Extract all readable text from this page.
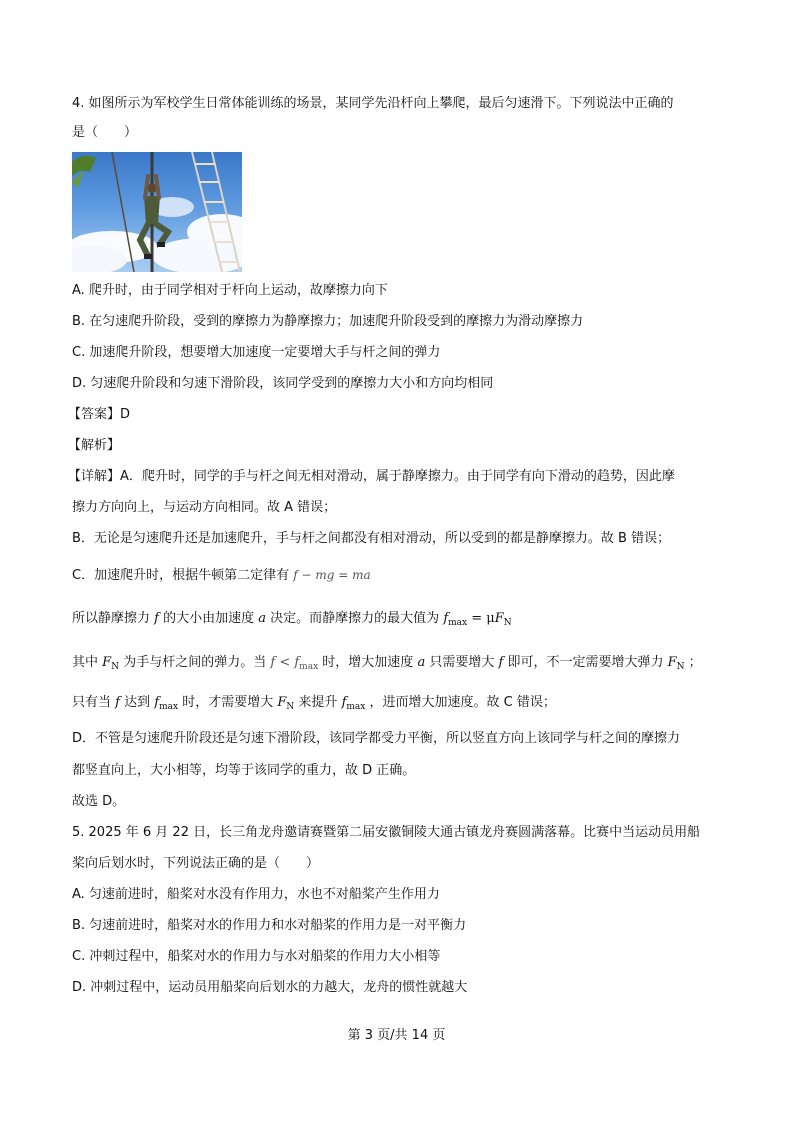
4. 如图所示为军校学生日常体能训练的场景，某同学先沿杆向上攀爬，最后匀速滑下。下列说法中正确的
是（　　）
A. 爬升时，由于同学相对于杆向上运动，故摩擦力向下
B. 在匀速爬升阶段，受到的摩擦力为静摩擦力；加速爬升阶段受到的摩擦力为滑动摩擦力
C. 加速爬升阶段，想要增大加速度一定要增大手与杆之间的弹力
D. 匀速爬升阶段和匀速下滑阶段，该同学受到的摩擦力大小和方向均相同
【答案】D
【解析】
【详解】A．爬升时，同学的手与杆之间无相对滑动，属于静摩擦力。由于同学有向下滑动的趋势，因此摩
擦力方向向上，与运动方向相同。故 A 错误；
B．无论是匀速爬升还是加速爬升，手与杆之间都没有相对滑动，所以受到的都是静摩擦力。故 B 错误；
C．加速爬升时，根据牛顿第二定律有 f − mg = ma
所以静摩擦力 f 的大小由加速度 a 决定。而静摩擦力的最大值为 $f_{max} = \mu F_N$
其中 $F_N$ 为手与杆之间的弹力。当 $f < f_{max}$ 时，增大加速度 a 只需要增大 f 即可，不一定需要增大弹力 $F_N$ ；
只有当 f 达到 $f_{max}$ 时，才需要增大 $F_N$ 来提升 $f_{max}$ ，进而增大加速度。故 C 错误；
D．不管是匀速爬升阶段还是匀速下滑阶段，该同学都受力平衡，所以竖直方向上该同学与杆之间的摩擦力
都竖直向上，大小相等，均等于该同学的重力，故 D 正确。
故选 D。
5. 2025 年 6 月 22 日，长三角龙舟邀请赛暨第二届安徽铜陵大通古镇龙舟赛圆满落幕。比赛中当运动员用船
桨向后划水时，下列说法正确的是（　　）
A. 匀速前进时，船桨对水没有作用力，水也不对船桨产生作用力
B. 匀速前进时，船桨对水的作用力和水对船桨的作用力是一对平衡力
C. 冲刺过程中，船桨对水的作用力与水对船桨的作用力大小相等
D. 冲刺过程中，运动员用船桨向后划水的力越大，龙舟的惯性就越大
第 3 页/共 14 页
